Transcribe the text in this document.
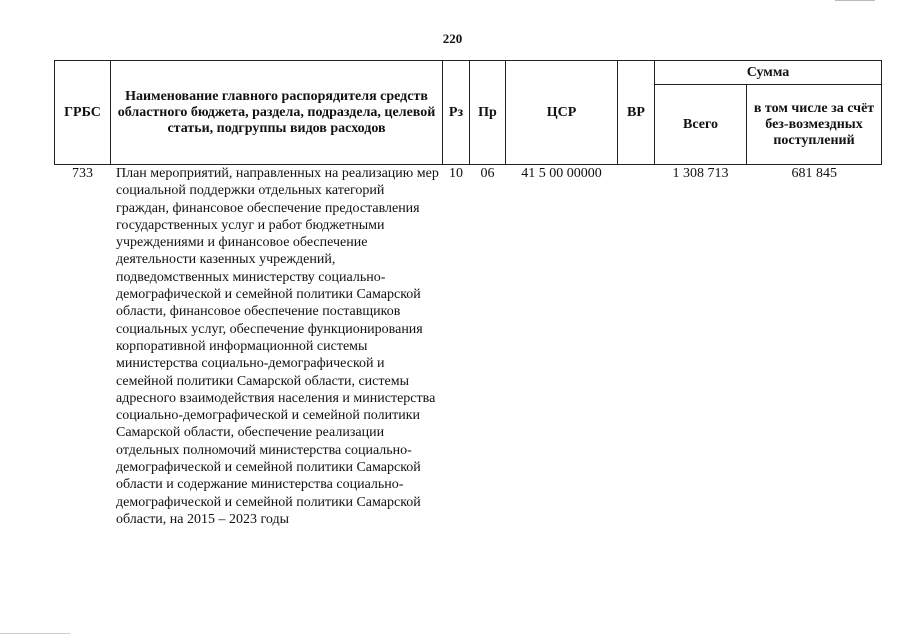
220
ГРБС	Наименование главного распорядителя средств областного бюджета, раздела, подраздела, целевой статьи, подгруппы видов расходов	Рз	Пр	ЦСР	ВР	Сумма	
						Всего	в том числе за счёт без-возмездных поступлений
733	План мероприятий, направленных на реализацию мер социальной поддержки отдельных категорий граждан, финансовое обеспечение предоставления государственных услуг и работ бюджетными учреждениями и финансовое обеспечение деятельности казенных учреждений, подведомственных министерству социально-демографической и семейной политики Самарской области, финансовое обеспечение поставщиков социальных услуг, обеспечение функционирования корпоративной информационной системы министерства социально-демографической и семейной политики Самарской области, системы адресного взаимодействия населения и министерства социально-демографической и семейной политики Самарской области, обеспечение реализации отдельных полномочий министерства социально-демографической и семейной политики Самарской области и содержание министерства социально-демографической и семейной политики Самарской области, на 2015 – 2023 годы	10	06	41 5 00 00000		1 308 713	681 845
